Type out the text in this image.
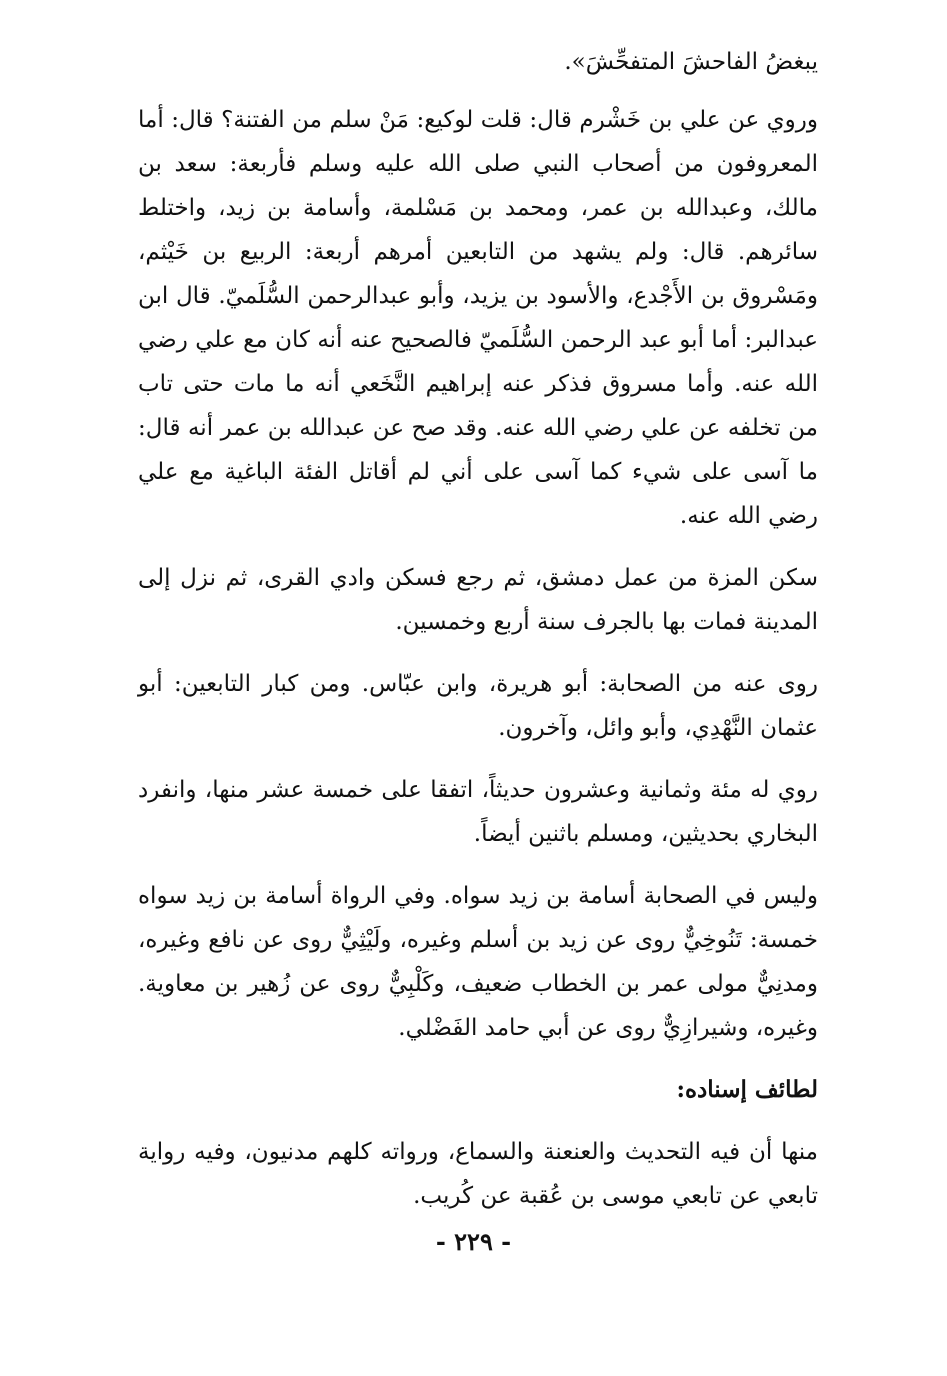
يبغضُ الفاحشَ المتفحِّشَ».

وروي عن علي بن خَشْرم قال: قلت لوكيع: مَنْ سلم من الفتنة؟ قال: أما المعروفون من أصحاب النبي صلى الله عليه وسلم فأربعة: سعد بن مالك، وعبدالله بن عمر، ومحمد بن مَسْلمة، وأسامة بن زيد، واختلط سائرهم. قال: ولم يشهد من التابعين أمرهم أربعة: الربيع بن خَيْثم، ومَسْروق بن الأَجْدع، والأسود بن يزيد، وأبو عبدالرحمن السُّلَميّ. قال ابن عبدالبر: أما أبو عبد الرحمن السُّلَميّ فالصحيح عنه أنه كان مع علي رضي الله عنه. وأما مسروق فذكر عنه إبراهيم النَّخَعي أنه ما مات حتى تاب من تخلفه عن علي رضي الله عنه. وقد صح عن عبدالله بن عمر أنه قال: ما آسى على شيء كما آسى على أني لم أقاتل الفئة الباغية مع علي رضي الله عنه.

سكن المزة من عمل دمشق، ثم رجع فسكن وادي القرى، ثم نزل إلى المدينة فمات بها بالجرف سنة أربع وخمسين.

روى عنه من الصحابة: أبو هريرة، وابن عبّاس. ومن كبار التابعين: أبو عثمان النَّهْدِي، وأبو وائل، وآخرون.

روي له مئة وثمانية وعشرون حديثاً، اتفقا على خمسة عشر منها، وانفرد البخاري بحديثين، ومسلم باثنين أيضاً.

وليس في الصحابة أسامة بن زيد سواه. وفي الرواة أسامة بن زيد سواه خمسة: تَنُوخِيٌّ روى عن زيد بن أسلم وغيره، ولَيْثِيٌّ روى عن نافع وغيره، ومدنِيٌّ مولى عمر بن الخطاب ضعيف، وكَلْبِيٌّ روى عن زُهير بن معاوية. وغيره، وشيرازِيٌّ روى عن أبي حامد الفَضْلي.

لطائف إسناده:

منها أن فيه التحديث والعنعنة والسماع، ورواته كلهم مدنيون، وفيه رواية تابعي عن تابعي موسى بن عُقبة عن كُريب.

- ٢٢٩ -
